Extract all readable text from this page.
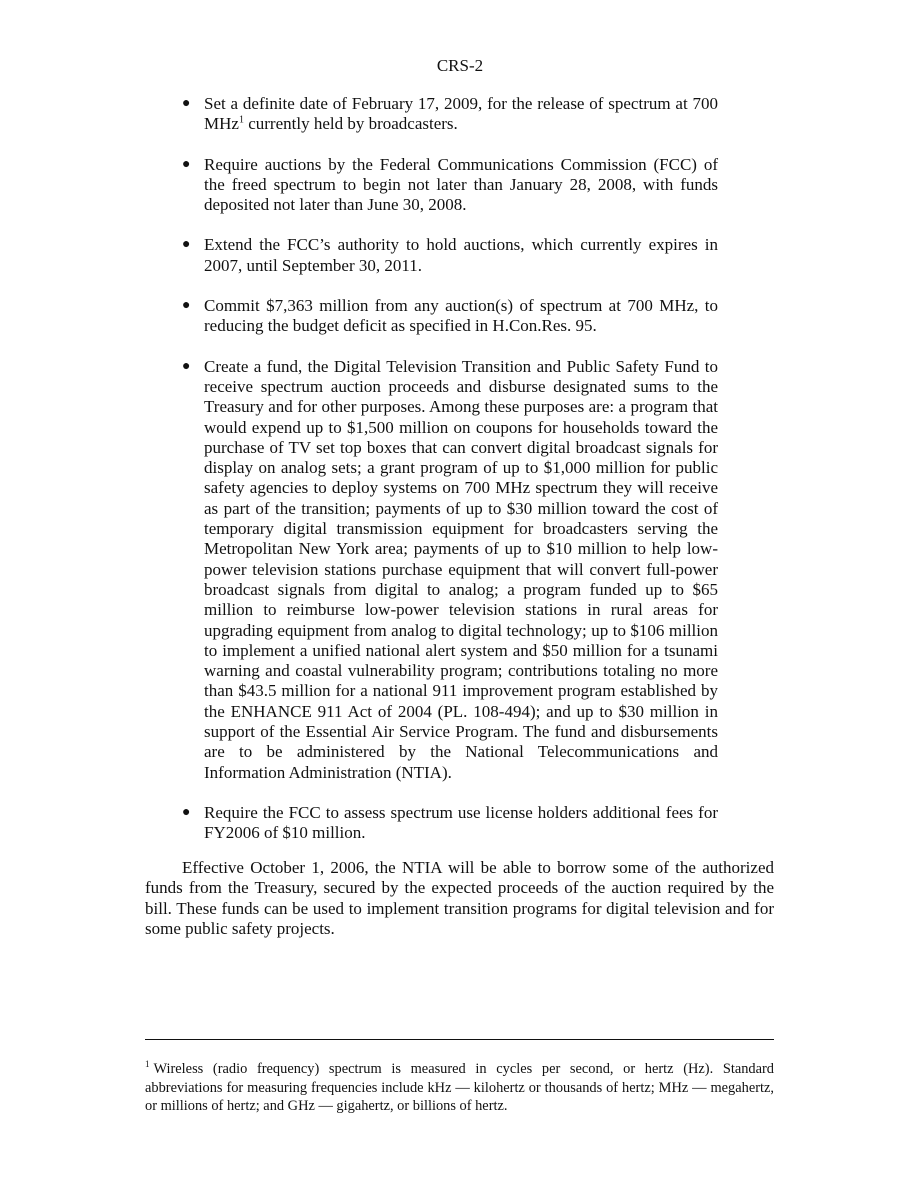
CRS-2
● Set a definite date of February 17, 2009, for the release of spectrum at 700 MHz$^1$ currently held by broadcasters.
● Require auctions by the Federal Communications Commission (FCC) of the freed spectrum to begin not later than January 28, 2008, with funds deposited not later than June 30, 2008.
● Extend the FCC’s authority to hold auctions, which currently expires in 2007, until September 30, 2011.
● Commit $7,363 million from any auction(s) of spectrum at 700 MHz, to reducing the budget deficit as specified in H.Con.Res. 95.
● Create a fund, the Digital Television Transition and Public Safety Fund to receive spectrum auction proceeds and disburse designated sums to the Treasury and for other purposes. Among these purposes are: a program that would expend up to $1,500 million on coupons for households toward the purchase of TV set top boxes that can convert digital broadcast signals for display on analog sets; a grant program of up to $1,000 million for public safety agencies to deploy systems on 700 MHz spectrum they will receive as part of the transition; payments of up to $30 million toward the cost of temporary digital transmission equipment for broadcasters serving the Metropolitan New York area; payments of up to $10 million to help low-power television stations purchase equipment that will convert full-power broadcast signals from digital to analog; a program funded up to $65 million to reimburse low-power television stations in rural areas for upgrading equipment from analog to digital technology; up to $106 million to implement a unified national alert system and $50 million for a tsunami warning and coastal vulnerability program; contributions totaling no more than $43.5 million for a national 911 improvement program established by the ENHANCE 911 Act of 2004 (PL. 108-494); and up to $30 million in support of the Essential Air Service Program. The fund and disbursements are to be administered by the National Telecommunications and Information Administration (NTIA).
● Require the FCC to assess spectrum use license holders additional fees for FY2006 of $10 million.

Effective October 1, 2006, the NTIA will be able to borrow some of the authorized funds from the Treasury, secured by the expected proceeds of the auction required by the bill. These funds can be used to implement transition programs for digital television and for some public safety projects.

$^1$ Wireless (radio frequency) spectrum is measured in cycles per second, or hertz (Hz). Standard abbreviations for measuring frequencies include kHz — kilohertz or thousands of hertz; MHz — megahertz, or millions of hertz; and GHz — gigahertz, or billions of hertz.
